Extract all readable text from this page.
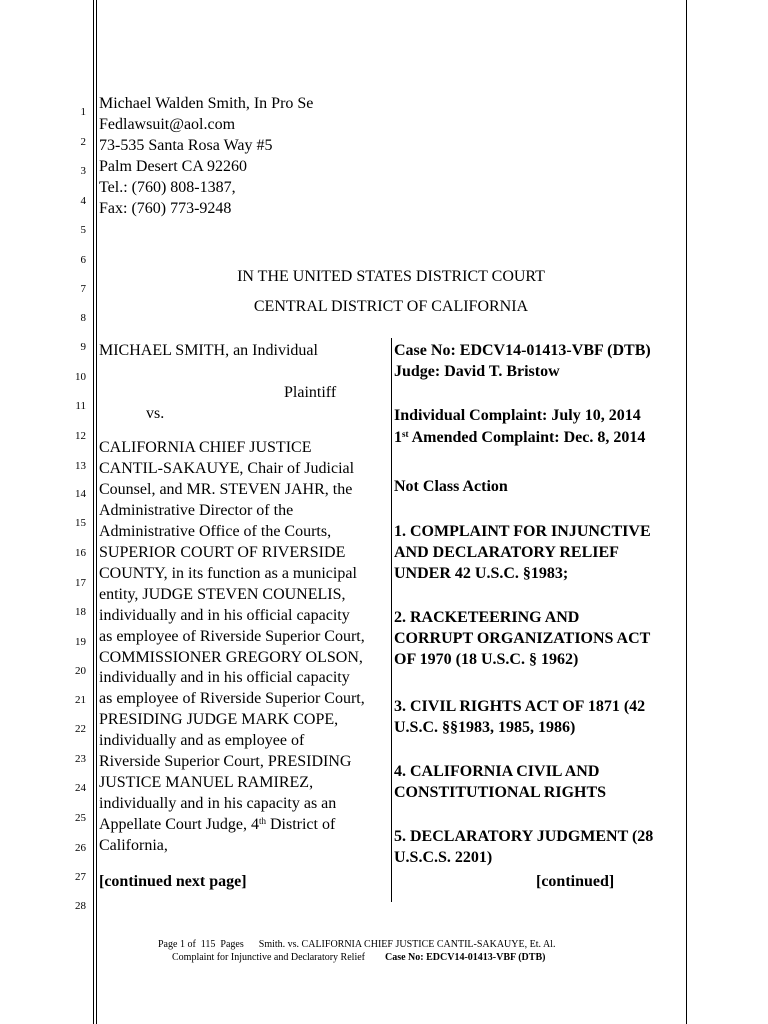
1
2
3
4
5
6
7
8
9
10
11
12
13
14
15
16
17
18
19
20
21
22
23
24
25
26
27
28
Michael Walden Smith, In Pro Se
Fedlawsuit@aol.com
73-535 Santa Rosa Way #5
Palm Desert CA 92260
Tel.: (760) 808-1387,
Fax: (760) 773-9248
IN THE UNITED STATES DISTRICT COURT
CENTRAL DISTRICT OF CALIFORNIA
MICHAEL SMITH, an Individual
Plaintiff
vs.
CALIFORNIA CHIEF JUSTICE
CANTIL-SAKAUYE, Chair of Judicial
Counsel, and MR. STEVEN JAHR, the
Administrative Director of the
Administrative Office of the Courts,
SUPERIOR COURT OF RIVERSIDE
COUNTY, in its function as a municipal
entity, JUDGE STEVEN COUNELIS,
individually and in his official capacity
as employee of Riverside Superior Court,
COMMISSIONER GREGORY OLSON,
individually and in his official capacity
as employee of Riverside Superior Court,
PRESIDING JUDGE MARK COPE,
individually and as employee of
Riverside Superior Court, PRESIDING
JUSTICE MANUEL RAMIREZ,
individually and in his capacity as an
Appellate Court Judge, 4th District of
California,
[continued next page]
Case No: EDCV14-01413-VBF (DTB)
Judge: David T. Bristow
Individual Complaint: July 10, 2014
1st Amended Complaint: Dec. 8, 2014
Not Class Action
1. COMPLAINT FOR INJUNCTIVE
AND DECLARATORY RELIEF
UNDER 42 U.S.C. §1983;
2. RACKETEERING AND
CORRUPT ORGANIZATIONS ACT
OF 1970 (18 U.S.C. § 1962)
3. CIVIL RIGHTS ACT OF 1871 (42
U.S.C. §§1983, 1985, 1986)
4. CALIFORNIA CIVIL AND
CONSTITUTIONAL RIGHTS
5. DECLARATORY JUDGMENT (28
U.S.C.S. 2201)
[continued]
Page 1 of 115 Pages Smith. vs. CALIFORNIA CHIEF JUSTICE CANTIL-SAKAUYE, Et. Al.
Complaint for Injunctive and Declaratory Relief Case No: EDCV14-01413-VBF (DTB)
